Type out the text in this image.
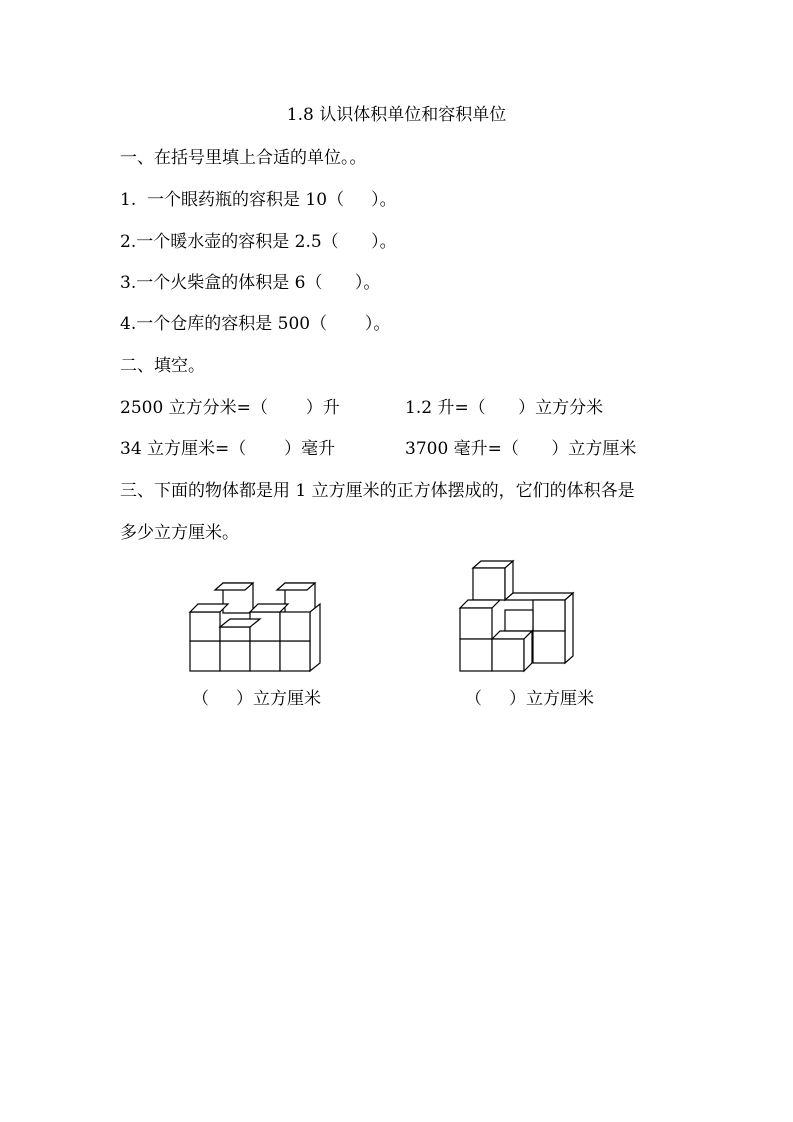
1.8 认识体积单位和容积单位
一、在括号里填上合适的单位。。
1.  一个眼药瓶的容积是 10（     ）。
2.一个暖水壶的容积是 2.5（      ）。
3.一个火柴盒的体积是 6（      ）。
4.一个仓库的容积是 500（       ）。
二、填空。
2500 立方分米=（       ）升	1.2 升=（      ）立方分米
34 立方厘米=（       ）毫升	3700 毫升=（      ）立方厘米
三、下面的物体都是用 1 立方厘米的正方体摆成的，它们的体积各是
多少立方厘米。
（     ）立方厘米	（     ）立方厘米
